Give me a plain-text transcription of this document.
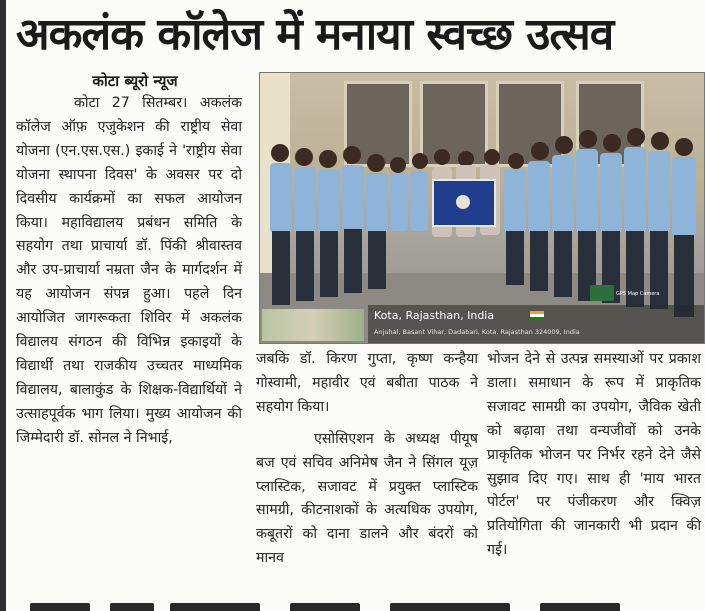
अकलंक कॉलेज में मनाया स्वच्छ उत्सव
कोटा ब्यूरो न्यूज

कोटा 27 सितम्बर। अकलंक कॉलेज ऑफ़ एजुकेशन की राष्ट्रीय सेवा योजना (एन.एस.एस.) इकाई ने 'राष्ट्रीय सेवा योजना स्थापना दिवस' के अवसर पर दो दिवसीय कार्यक्रमों का सफल आयोजन किया। महाविद्यालय प्रबंधन समिति के सहयोग तथा प्राचार्या डॉ. पिंकी श्रीवास्तव और उप-प्राचार्या नम्रता जैन के मार्गदर्शन में यह आयोजन संपन्न हुआ। पहले दिन आयोजित जागरूकता शिविर में अकलंक विद्यालय संगठन की विभिन्न इकाइयों के विद्यार्थी तथा राजकीय उच्चतर माध्यमिक विद्यालय, बालाकुंड के शिक्षक-विद्यार्थियों ने उत्साहपूर्वक भाग लिया। मुख्य आयोजन की जिम्मेदारी डॉ. सोनल ने निभाई,

GPS Map Camera
Kota, Rajasthan, India
Anjuhal, Basant Vihar, Dadabari, Kota, Rajasthan 324009, India

जबकि डॉ. किरण गुप्ता, कृष्ण कन्हैया गोस्वामी, महावीर एवं बबीता पाठक ने सहयोग किया।

एसोसिएशन के अध्यक्ष पीयूष बज एवं सचिव अनिमेष जैन ने सिंगल यूज़ प्लास्टिक, सजावट में प्रयुक्त प्लास्टिक सामग्री, कीटनाशकों के अत्यधिक उपयोग, कबूतरों को दाना डालने और बंदरों को मानव

भोजन देने से उत्पन्न समस्याओं पर प्रकाश डाला। समाधान के रूप में प्राकृतिक सजावट सामग्री का उपयोग, जैविक खेती को बढ़ावा तथा वन्यजीवों को उनके प्राकृतिक भोजन पर निर्भर रहने देने जैसे सुझाव दिए गए। साथ ही 'माय भारत पोर्टल' पर पंजीकरण और क्विज़ प्रतियोगिता की जानकारी भी प्रदान की गई।
